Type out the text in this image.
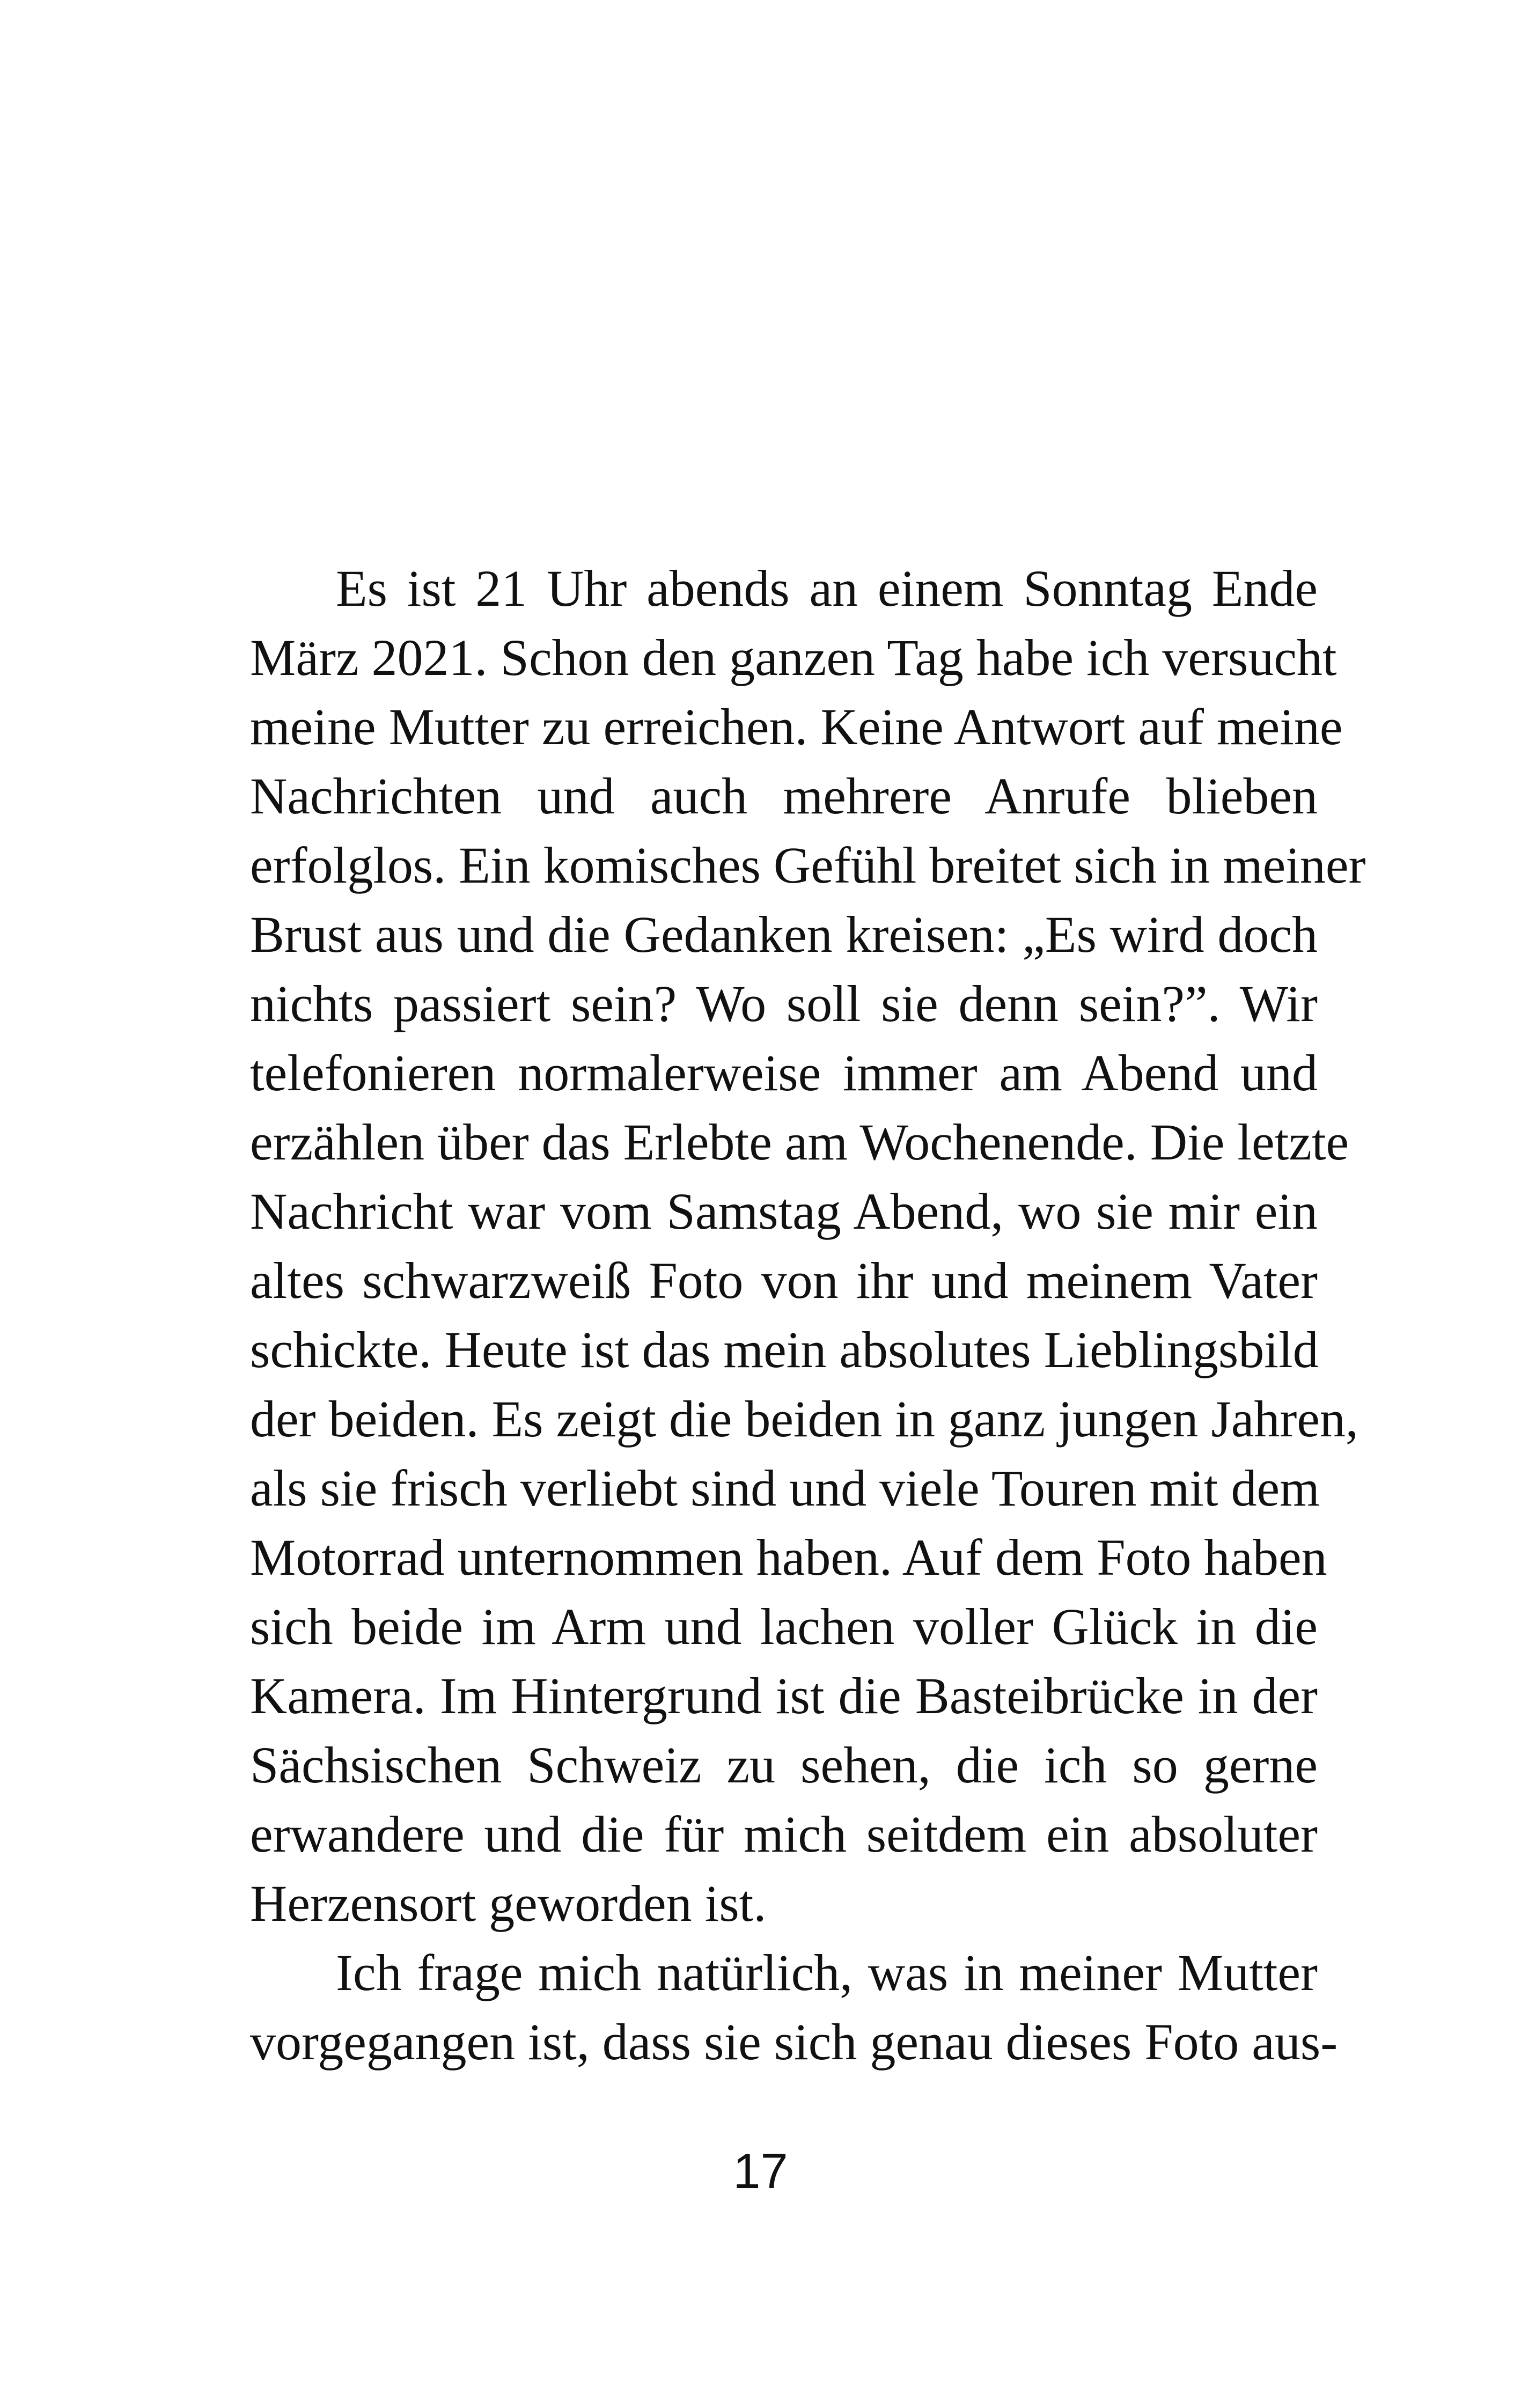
Es ist 21 Uhr abends an einem Sonntag Ende
März 2021. Schon den ganzen Tag habe ich versucht
meine Mutter zu erreichen. Keine Antwort auf meine
Nachrichten und auch mehrere Anrufe blieben
erfolglos. Ein komisches Gefühl breitet sich in meiner
Brust aus und die Gedanken kreisen: „Es wird doch
nichts passiert sein? Wo soll sie denn sein?”. Wir
telefonieren normalerweise immer am Abend und
erzählen über das Erlebte am Wochenende. Die letzte
Nachricht war vom Samstag Abend, wo sie mir ein
altes schwarzweiß Foto von ihr und meinem Vater
schickte. Heute ist das mein absolutes Lieblingsbild
der beiden. Es zeigt die beiden in ganz jungen Jahren,
als sie frisch verliebt sind und viele Touren mit dem
Motorrad unternommen haben. Auf dem Foto haben
sich beide im Arm und lachen voller Glück in die
Kamera. Im Hintergrund ist die Basteibrücke in der
Sächsischen Schweiz zu sehen, die ich so gerne
erwandere und die für mich seitdem ein absoluter
Herzensort geworden ist.
Ich frage mich natürlich, was in meiner Mutter
vorgegangen ist, dass sie sich genau dieses Foto aus-
17
